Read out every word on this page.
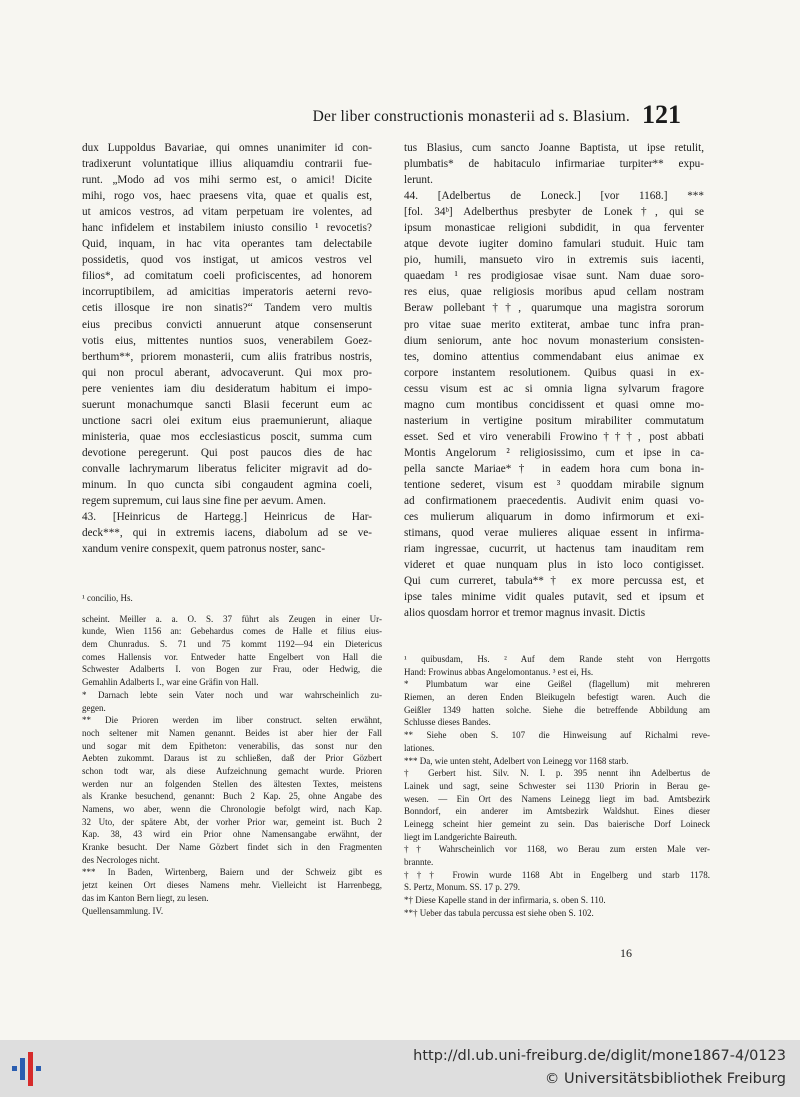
Der liber constructionis monasterii ad s. Blasium. 121
dux Luppoldus Bavariae, qui omnes unanimiter id con-
tradixerunt voluntatique illius aliquamdiu contrarii fue-
runt. „Modo ad vos mihi sermo est, o amici! Dicite
mihi, rogo vos, haec praesens vita, quae et qualis est,
ut amicos vestros, ad vitam perpetuam ire volentes, ad
hanc infidelem et instabilem iniusto consilio ¹ revocetis?
Quid, inquam, in hac vita operantes tam delectabile
possidetis, quod vos instigat, ut amicos vestros vel
filios*, ad comitatum coeli proficiscentes, ad honorem
incorruptibilem, ad amicitias imperatoris aeterni revo-
cetis illosque ire non sinatis?“ Tandem vero multis
eius precibus convicti annuerunt atque consenserunt
votis eius, mittentes nuntios suos, venerabilem Goez-
berthum**, priorem monasterii, cum aliis fratribus nostris,
qui non procul aberant, advocaverunt. Qui mox pro-
pere venientes iam diu desideratum habitum ei impo-
suerunt monachumque sancti Blasii fecerunt eum ac
unctione sacri olei exitum eius praemunierunt, aliaque
ministeria, quae mos ecclesiasticus poscit, summa cum
devotione peregerunt. Qui post paucos dies de hac
convalle lachrymarum liberatus feliciter migravit ad do-
minum. In quo cuncta sibi congaudent agmina coeli,
regem supremum, cui laus sine fine per aevum. Amen.
43. [Heinricus de Hartegg.] Heinricus de Har-
deck***, qui in extremis iacens, diabolum ad se ve-
xandum venire conspexit, quem patronus noster, sanc-
tus Blasius, cum sancto Joanne Baptista, ut ipse retulit,
plumbatis* de habitaculo infirmariae turpiter** expu-
lerunt.
44. [Adelbertus de Loneck.] [vor 1168.] ***
[fol. 34ᵇ] Adelberthus presbyter de Lonek†, qui se
ipsum monasticae religioni subdidit, in qua ferventer
atque devote iugiter domino famulari studuit. Huic tam
pio, humili, mansueto viro in extremis suis iacenti,
quaedam ¹ res prodigiosae visae sunt. Nam duae soro-
res eius, quae religiosis moribus apud cellam nostram
Beraw pollebant††, quarumque una magistra sororum
pro vitae suae merito extiterat, ambae tunc infra pran-
dium seniorum, ante hoc novum monasterium consisten-
tes, domino attentius commendabant eius animae ex
corpore instantem resolutionem. Quibus quasi in ex-
cessu visum est ac si omnia ligna sylvarum fragore
magno cum montibus concidissent et quasi omne mo-
nasterium in vertigine positum mirabiliter commutatum
esset. Sed et viro venerabili Frowino†††, post abbati
Montis Angelorum ² religiosissimo, cum et ipse in ca-
pella sancte Mariae*† in eadem hora cum bona in-
tentione sederet, visum est ³ quoddam mirabile signum
ad confirmationem praecedentis. Audivit enim quasi vo-
ces mulierum aliquarum in domo infirmorum et exi-
stimans, quod verae mulieres aliquae essent in infirma-
riam ingressae, cucurrit, ut hactenus tam inauditam rem
videret et quae nunquam plus in isto loco contigisset.
Qui cum curreret, tabula**† ex more percussa est, et
ipse tales minime vidit quales putavit, sed et ipsum et
alios quosdam horror et tremor magnus invasit. Dictis
¹ concilio, Hs.
scheint. Meiller a. a. O. S. 37 führt als Zeugen in einer Ur-
kunde, Wien 1156 an: Gebehardus comes de Halle et filius eius-
dem Chunradus. S. 71 und 75 kommt 1192—94 ein Dietericus
comes Hallensis vor. Entweder hatte Engelbert von Hall die
Schwester Adalberts I. von Bogen zur Frau, oder Hedwig, die
Gemahlin Adalberts I., war eine Gräfin von Hall.
* Darnach lebte sein Vater noch und war wahrscheinlich zu-
gegen.
** Die Prioren werden im liber construct. selten erwähnt,
noch seltener mit Namen genannt. Beides ist aber hier der Fall
und sogar mit dem Epitheton: venerabilis, das sonst nur den
Aebten zukommt. Daraus ist zu schließen, daß der Prior Gözbert
schon todt war, als diese Aufzeichnung gemacht wurde. Prioren
werden nur an folgenden Stellen des ältesten Textes, meistens
als Kranke besuchend, genannt: Buch 2 Kap. 25, ohne Angabe des
Namens, wo aber, wenn die Chronologie befolgt wird, nach Kap.
32 Uto, der spätere Abt, der vorher Prior war, gemeint ist. Buch 2
Kap. 38, 43 wird ein Prior ohne Namensangabe erwähnt, der
Kranke besucht. Der Name Gözbert findet sich in den Fragmenten
des Necrologes nicht.
*** In Baden, Wirtenberg, Baiern und der Schweiz gibt es
jetzt keinen Ort dieses Namens mehr. Vielleicht ist Harrenbegg,
das im Kanton Bern liegt, zu lesen.
Quellensammlung. IV.
¹ quibusdam, Hs. ² Auf dem Rande steht von Herrgotts
Hand: Frowinus abbas Angelomontanus. ³ est ei, Hs.
* Plumbatum war eine Geißel (flagellum) mit mehreren
Riemen, an deren Enden Bleikugeln befestigt waren. Auch die
Geißler 1349 hatten solche. Siehe die betreffende Abbildung am
Schlusse dieses Bandes.
** Siehe oben S. 107 die Hinweisung auf Richalmi reve-
lationes.
*** Da, wie unten steht, Adelbert von Leinegg vor 1168 starb.
† Gerbert hist. Silv. N. I. p. 395 nennt ihn Adelbertus de
Lainek und sagt, seine Schwester sei 1130 Priorin in Berau ge-
wesen. — Ein Ort des Namens Leinegg liegt im bad. Amtsbezirk
Bonndorf, ein anderer im Amtsbezirk Waldshut. Eines dieser
Leinegg scheint hier gemeint zu sein. Das baierische Dorf Loineck
liegt im Landgerichte Baireuth.
†† Wahrscheinlich vor 1168, wo Berau zum ersten Male ver-
brannte.
††† Frowin wurde 1168 Abt in Engelberg und starb 1178.
S. Pertz, Monum. SS. 17 p. 279.
*† Diese Kapelle stand in der infirmaria, s. oben S. 110.
**† Ueber das tabula percussa est siehe oben S. 102.
16
http://dl.ub.uni-freiburg.de/diglit/mone1867-4/0123
© Universitätsbibliothek Freiburg
